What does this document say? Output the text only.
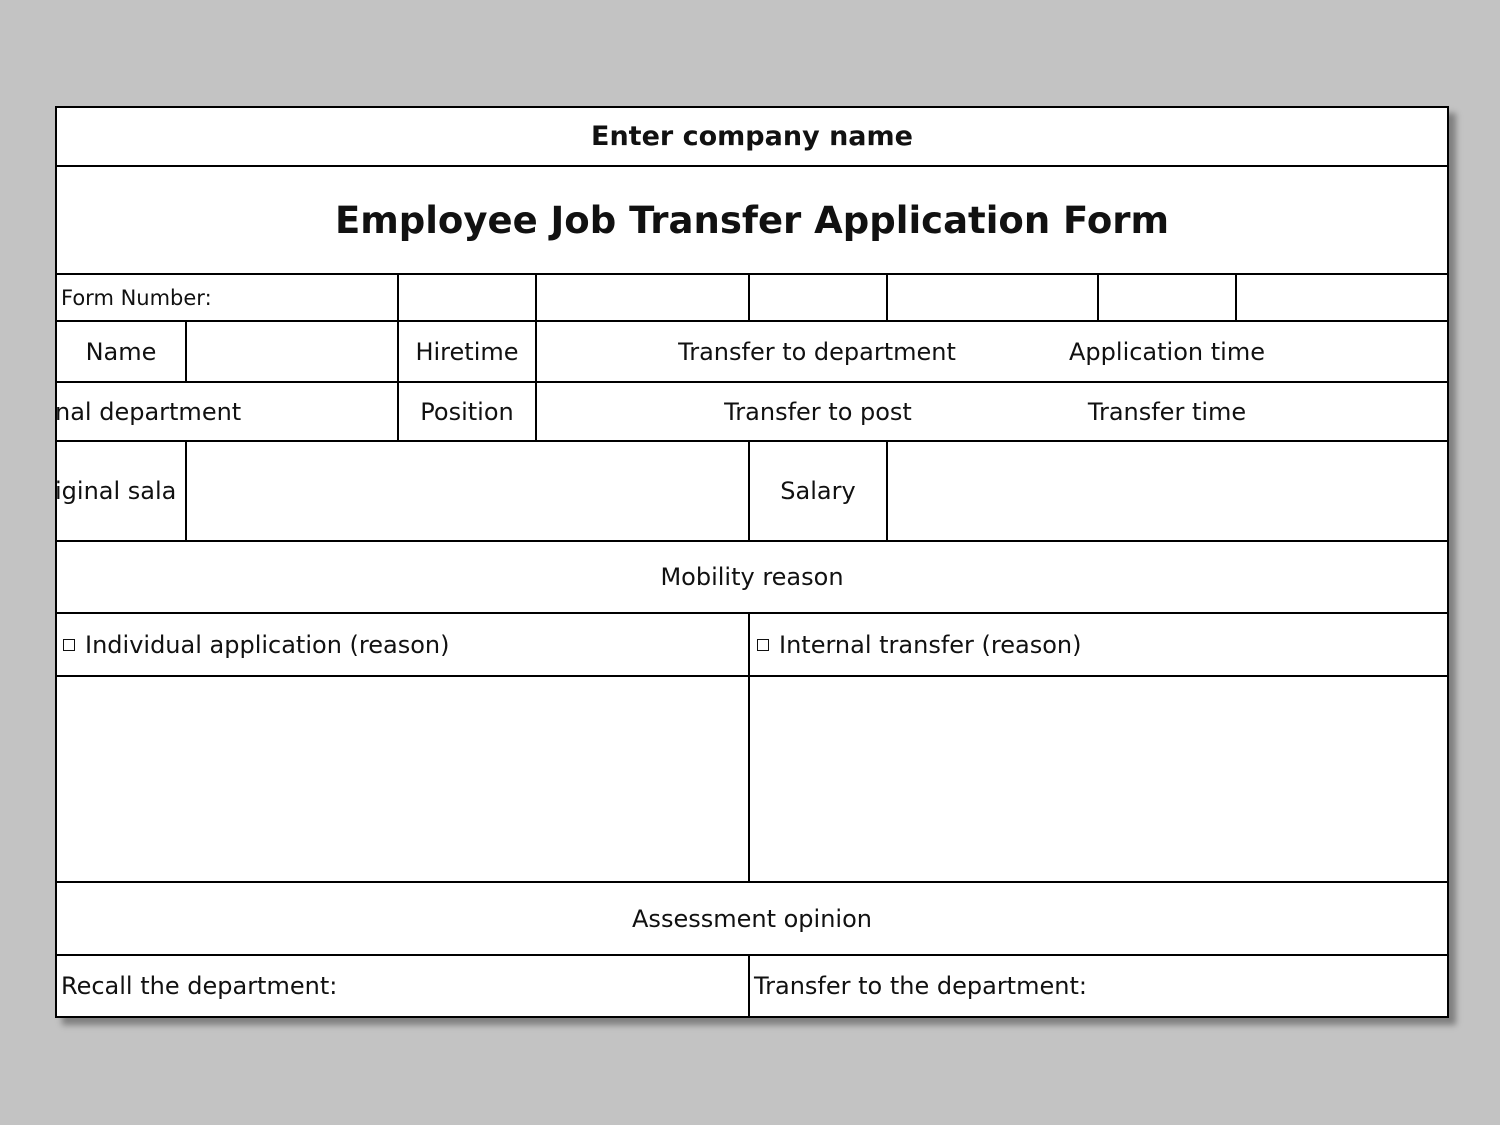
Enter company name
Employee Job Transfer Application Form
Form Number:
Name	Hiretime	Transfer to department	Application time
nal department	Position	Transfer to post	Transfer time
iginal sala	Salary
Mobility reason
Individual application (reason)	Internal transfer (reason)
Assessment opinion
Recall the department:	Transfer to the department:
